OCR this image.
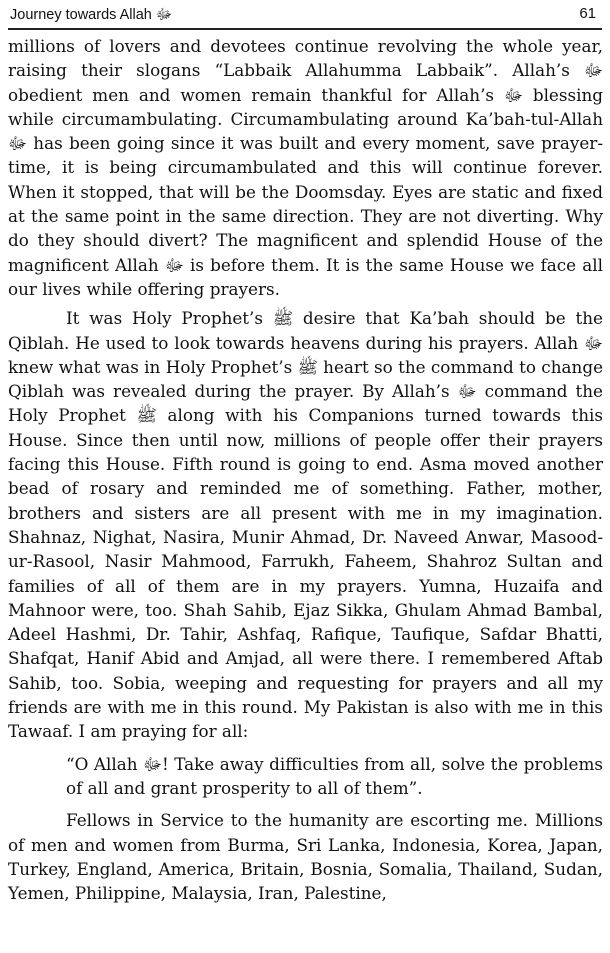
Journey towards Allah ﷻ	61

millions of lovers and devotees continue revolving the whole year, raising their slogans “Labbaik Allahumma Labbaik”. Allah’s ﷻ obedient men and women remain thankful for Allah’s ﷻ blessing while circumambulating. Circumambulating around Ka’bah-tul-Allah ﷻ has been going since it was built and every moment, save prayer-time, it is being circumambulated and this will continue forever. When it stopped, that will be the Doomsday. Eyes are static and fixed at the same point in the same direction. They are not diverting. Why do they should divert? The magnificent and splendid House of the magnificent Allah ﷻ is before them. It is the same House we face all our lives while offering prayers.

It was Holy Prophet’s ﷺ desire that Ka’bah should be the Qiblah. He used to look towards heavens during his prayers. Allah ﷻ knew what was in Holy Prophet’s ﷺ heart so the command to change Qiblah was revealed during the prayer. By Allah’s ﷻ command the Holy Prophet ﷺ along with his Companions turned towards this House. Since then until now, millions of people offer their prayers facing this House. Fifth round is going to end. Asma moved another bead of rosary and reminded me of something. Father, mother, brothers and sisters are all present with me in my imagination. Shahnaz, Nighat, Nasira, Munir Ahmad, Dr. Naveed Anwar, Masood-ur-Rasool, Nasir Mahmood, Farrukh, Faheem, Shahroz Sultan and families of all of them are in my prayers. Yumna, Huzaifa and Mahnoor were, too. Shah Sahib, Ejaz Sikka, Ghulam Ahmad Bambal, Adeel Hashmi, Dr. Tahir, Ashfaq, Rafique, Taufique, Safdar Bhatti, Shafqat, Hanif Abid and Amjad, all were there. I remembered Aftab Sahib, too. Sobia, weeping and requesting for prayers and all my friends are with me in this round. My Pakistan is also with me in this Tawaaf. I am praying for all:

“O Allah ﷻ! Take away difficulties from all, solve the problems of all and grant prosperity to all of them”.

Fellows in Service to the humanity are escorting me. Millions of men and women from Burma, Sri Lanka, Indonesia, Korea, Japan, Turkey, England, America, Britain, Bosnia, Somalia, Thailand, Sudan, Yemen, Philippine, Malaysia, Iran, Palestine,
